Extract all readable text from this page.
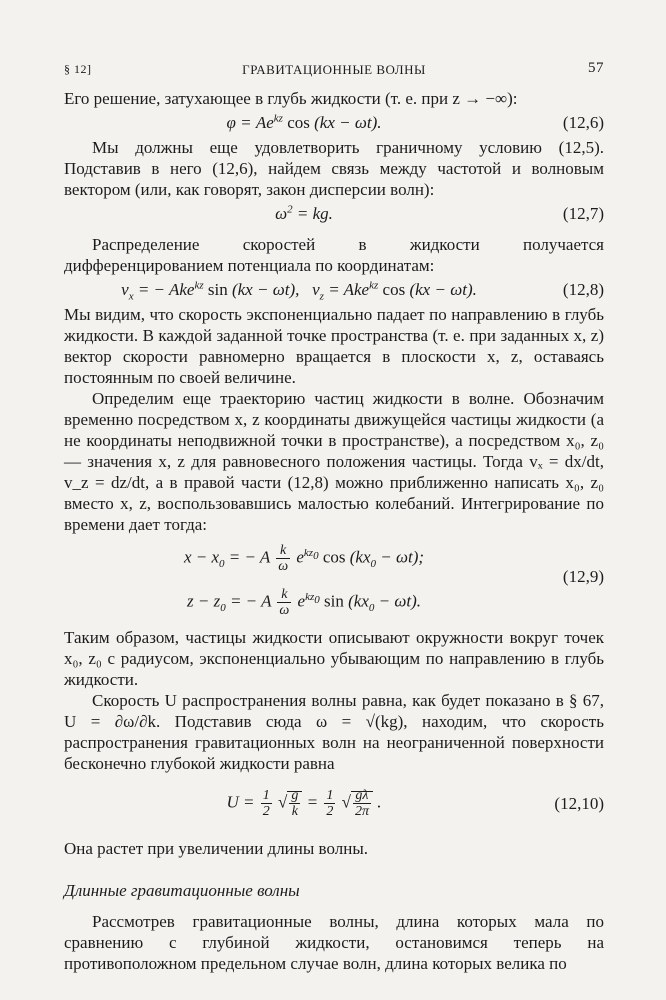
§ 12]	ГРАВИТАЦИОННЫЕ ВОЛНЫ	57

Его решение, затухающее в глубь жидкости (т. е. при z → −∞):

$\varphi = Ae^{kz}$ cos (kx − ωt).	(12,6)

Мы должны еще удовлетворить граничному условию (12,5). Подставив в него (12,6), найдем связь между частотой и волновым вектором (или, как говорят, закон дисперсии волн):

$\omega^2$ = kg.	(12,7)

Распределение скоростей в жидкости получается дифференцированием потенциала по координатам:

$v_x$ = − Ake$^{kz}$ sin (kx − ωt),   $v_z = Ake^{kz}$ cos (kx − ωt).	(12,8)

Мы видим, что скорость экспоненциально падает по направлению в глубь жидкости. В каждой заданной точке пространства (т. е. при заданных x, z) вектор скорости равномерно вращается в плоскости x, z, оставаясь постоянным по своей величине.

Определим еще траекторию частиц жидкости в волне. Обозначим временно посредством x, z координаты движущейся частицы жидкости (а не координаты неподвижной точки в пространстве), а посредством x₀, z₀ — значения x, z для равновесного положения частицы. Тогда vₓ = dx/dt, v_z = dz/dt, а в правой части (12,8) можно приближенно написать x₀, z₀ вместо x, z, воспользовавшись малостью колебаний. Интегрирование по времени дает тогда:

$x - x_0$ = − A $\frac{k}{\omega} e^{kz_0}$ $\cos (kx_0 - \omega t)$;
(12,9)
$z - z_0$ = − A $\frac{k}{\omega} e^{kz_0}$ $\sin (kx_0 - \omega t)$.

Таким образом, частицы жидкости описывают окружности вокруг точек x₀, z₀ с радиусом, экспоненциально убывающим по направлению в глубь жидкости.

Скорость U распространения волны равна, как будет показано в § 67, U = ∂ω/∂k. Подставив сюда ω = √(kg), находим, что скорость распространения гравитационных волн на неограниченной поверхности бесконечно глубокой жидкости равна

$U = \frac{1}{2}$ √ $\frac{g}{k} = \frac{1}{2}$ √ $\frac{g\lambda}{2\pi}$ .	(12,10)

Она растет при увеличении длины волны.

Длинные гравитационные волны

Рассмотрев гравитационные волны, длина которых мала по сравнению с глубиной жидкости, остановимся теперь на противоположном предельном случае волн, длина которых велика по
